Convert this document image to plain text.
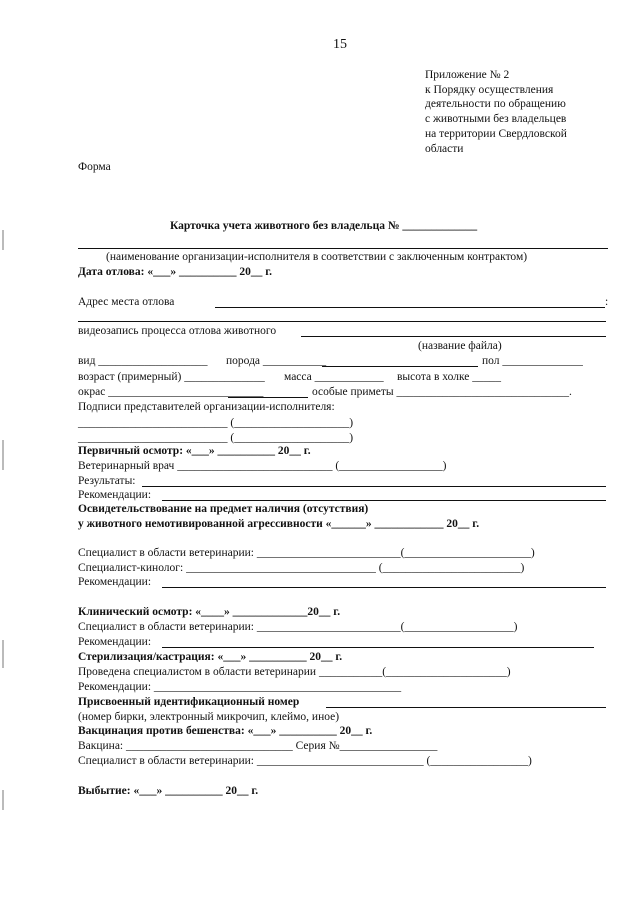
15
Приложение № 2
к Порядку осуществления
деятельности по обращению
с животными без владельцев
на территории Свердловской
области
Форма
Карточка учета животного без владельца № _____________
(наименование организации-исполнителя в соответствии с заключенным контрактом)
Дата отлова: «___» __________ 20__ г.
Адрес места отлова	:
видеозапись процесса отлова животного
(название файла)
вид ___________________ порода ___________	пол ______________
возраст (примерный) ______________ масса ____________ высота в холке _____
окрас ___________________________	особые приметы ______________________________.
Подписи представителей организации-исполнителя:
__________________________ (____________________)
__________________________ (____________________)
Первичный осмотр: «___» __________ 20__ г.
Ветеринарный врач ___________________________ (__________________)
Результаты:
Рекомендации:
Освидетельствование на предмет наличия (отсутствия)
у животного немотивированной агрессивности «______» ____________ 20__ г.
Специалист в области ветеринарии: _________________________(______________________)
Специалист-кинолог: _________________________________ (________________________)
Рекомендации:
Клинический осмотр: «____» _____________20__ г.
Специалист в области ветеринарии: _________________________(___________________)
Рекомендации:
Стерилизация/кастрация: «___» __________ 20__ г.
Проведена специалистом в области ветеринарии ___________(_____________________)
Рекомендации: ___________________________________________
Присвоенный идентификационный номер
(номер бирки, электронный микрочип, клеймо, иное)
Вакцинация против бешенства: «___» __________ 20__ г.
Вакцина: _____________________________ Серия №_________________
Специалист в области ветеринарии: _____________________________ (_________________)
Выбытие: «___» __________ 20__ г.
